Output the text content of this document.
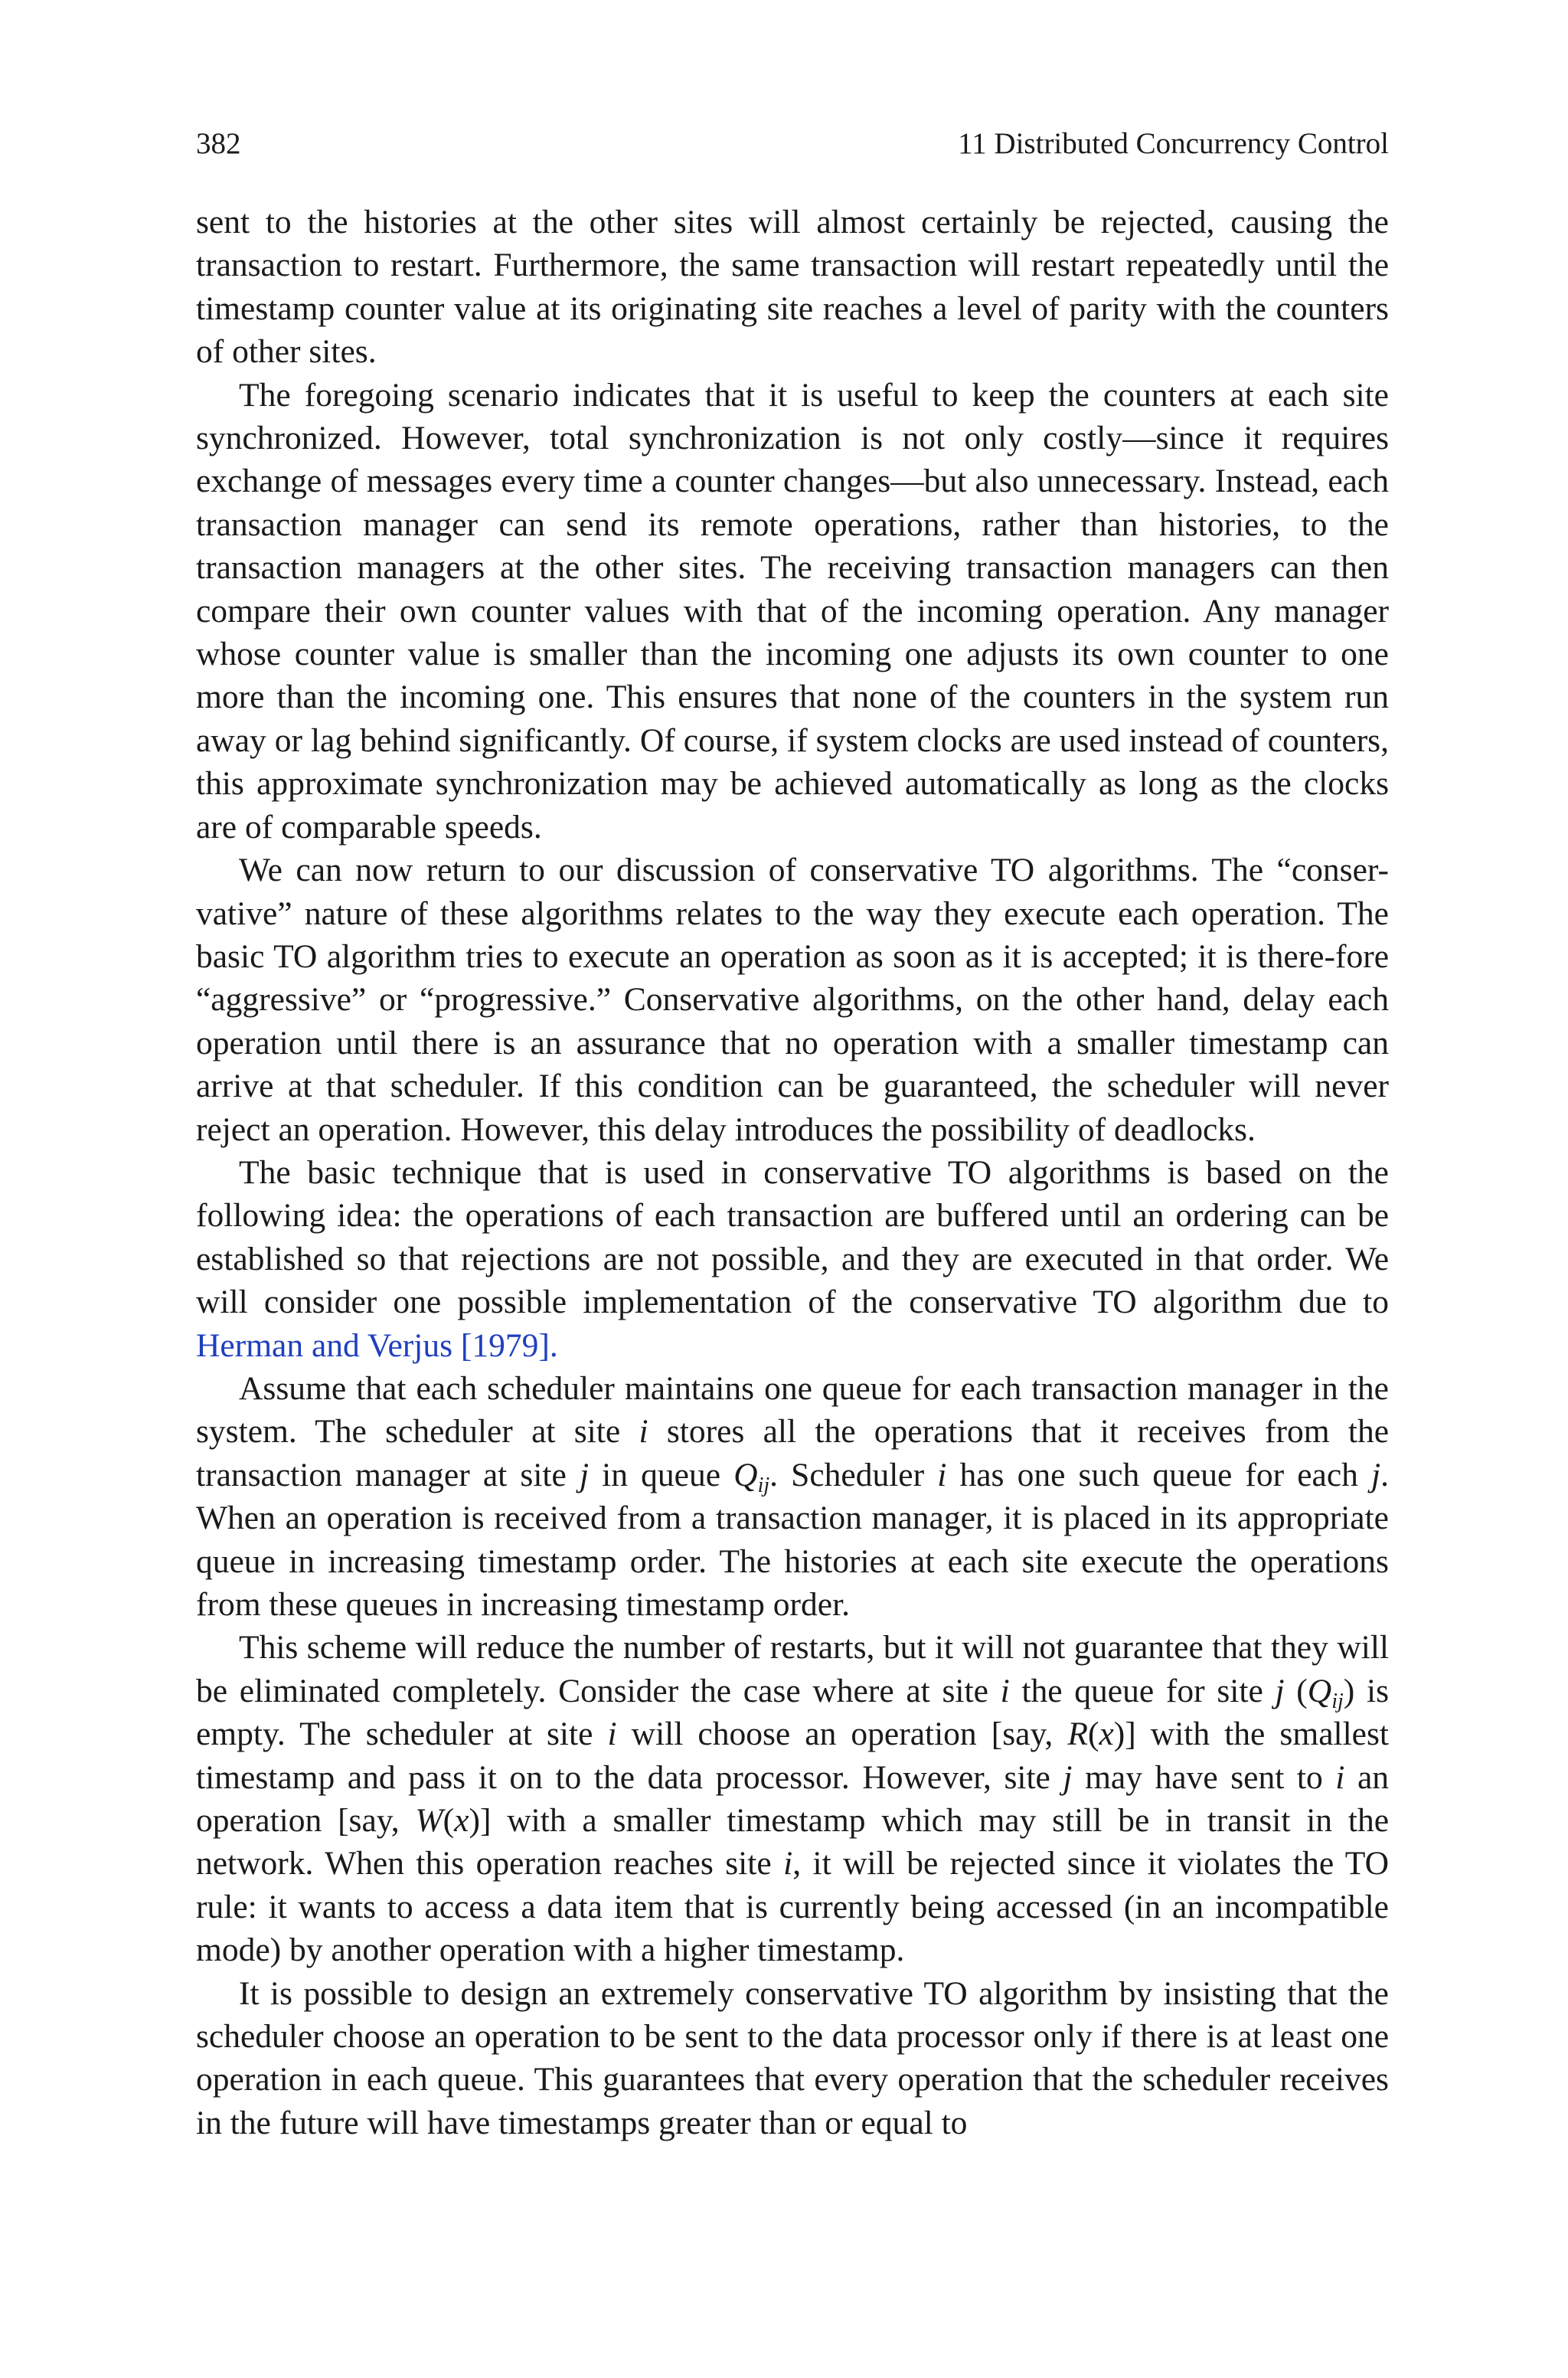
382	11 Distributed Concurrency Control

sent to the histories at the other sites will almost certainly be rejected, causing the transaction to restart. Furthermore, the same transaction will restart repeatedly until the timestamp counter value at its originating site reaches a level of parity with the counters of other sites.

The foregoing scenario indicates that it is useful to keep the counters at each site synchronized. However, total synchronization is not only costly—since it requires exchange of messages every time a counter changes—but also unnecessary. Instead, each transaction manager can send its remote operations, rather than histories, to the transaction managers at the other sites. The receiving transaction managers can then compare their own counter values with that of the incoming operation. Any manager whose counter value is smaller than the incoming one adjusts its own counter to one more than the incoming one. This ensures that none of the counters in the system run away or lag behind significantly. Of course, if system clocks are used instead of counters, this approximate synchronization may be achieved automatically as long as the clocks are of comparable speeds.

We can now return to our discussion of conservative TO algorithms. The “conser-vative” nature of these algorithms relates to the way they execute each operation. The basic TO algorithm tries to execute an operation as soon as it is accepted; it is there-fore “aggressive” or “progressive.” Conservative algorithms, on the other hand, delay each operation until there is an assurance that no operation with a smaller timestamp can arrive at that scheduler. If this condition can be guaranteed, the scheduler will never reject an operation. However, this delay introduces the possibility of deadlocks.

The basic technique that is used in conservative TO algorithms is based on the following idea: the operations of each transaction are buffered until an ordering can be established so that rejections are not possible, and they are executed in that order. We will consider one possible implementation of the conservative TO algorithm due to Herman and Verjus [1979].

Assume that each scheduler maintains one queue for each transaction manager in the system. The scheduler at site i stores all the operations that it receives from the transaction manager at site j in queue $Q_{ij}$. Scheduler i has one such queue for each j. When an operation is received from a transaction manager, it is placed in its appropriate queue in increasing timestamp order. The histories at each site execute the operations from these queues in increasing timestamp order.

This scheme will reduce the number of restarts, but it will not guarantee that they will be eliminated completely. Consider the case where at site i the queue for site j $(Q_{ij})$ is empty. The scheduler at site i will choose an operation [say, R(x)] with the smallest timestamp and pass it on to the data processor. However, site j may have sent to i an operation [say, W(x)] with a smaller timestamp which may still be in transit in the network. When this operation reaches site i, it will be rejected since it violates the TO rule: it wants to access a data item that is currently being accessed (in an incompatible mode) by another operation with a higher timestamp.

It is possible to design an extremely conservative TO algorithm by insisting that the scheduler choose an operation to be sent to the data processor only if there is at least one operation in each queue. This guarantees that every operation that the scheduler receives in the future will have timestamps greater than or equal to
